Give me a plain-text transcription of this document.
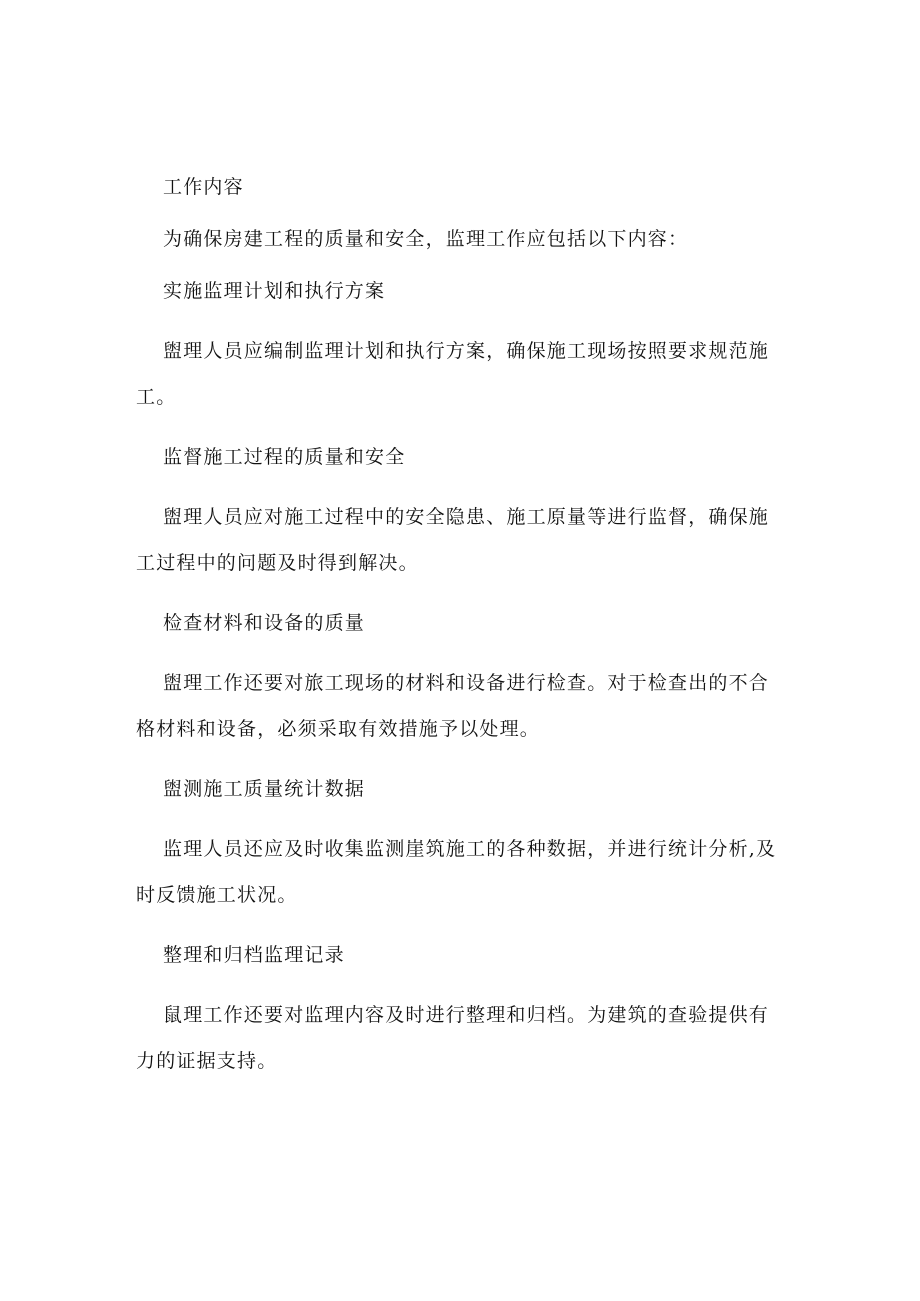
工作内容

为确保房建工程的质量和安全，监理工作应包括以下内容：

实施监理计划和执行方案

盥理人员应编制监理计划和执行方案，确保施工现场按照要求规范施工。

监督施工过程的质量和安全

盥理人员应对施工过程中的安全隐患、施工原量等进行监督，确保施工过程中的问题及时得到解决。

检查材料和设备的质量

盥理工作还要对旅工现场的材料和设备进行检查。对于检查出的不合格材料和设备，必须采取有效措施予以处理。

盥测施工质量统计数据

监理人员还应及时收集监测崖筑施工的各种数据，并进行统计分析,及时反馈施工状况。

整理和归档监理记录

鼠理工作还要对监理内容及时进行整理和归档。为建筑的查验提供有力的证据支持。
